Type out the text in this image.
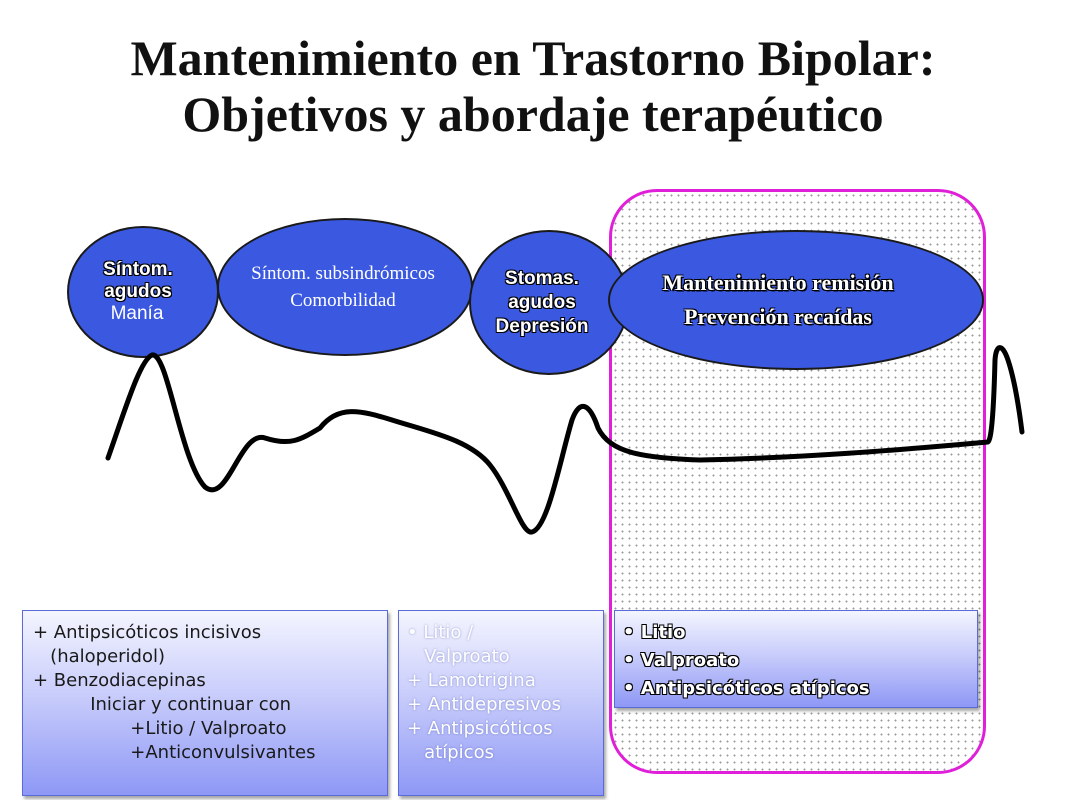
Mantenimiento en Trastorno Bipolar:
Objetivos y abordaje terapéutico
Síntom.
agudos
Manía
Síntom. subsindrómicos
Comorbilidad
Stomas.
agudos
Depresión
Mantenimiento remisión
Prevención recaídas
+ Antipsicóticos incisivos
(haloperidol)
+ Benzodiacepinas
Iniciar y continuar con
+Litio / Valproato
+Anticonvulsivantes
• Litio /
Valproato
+ Lamotrigina
+ Antidepresivos
+ Antipsicóticos
atípicos
• Litio
• Valproato
• Antipsicóticos atípicos
